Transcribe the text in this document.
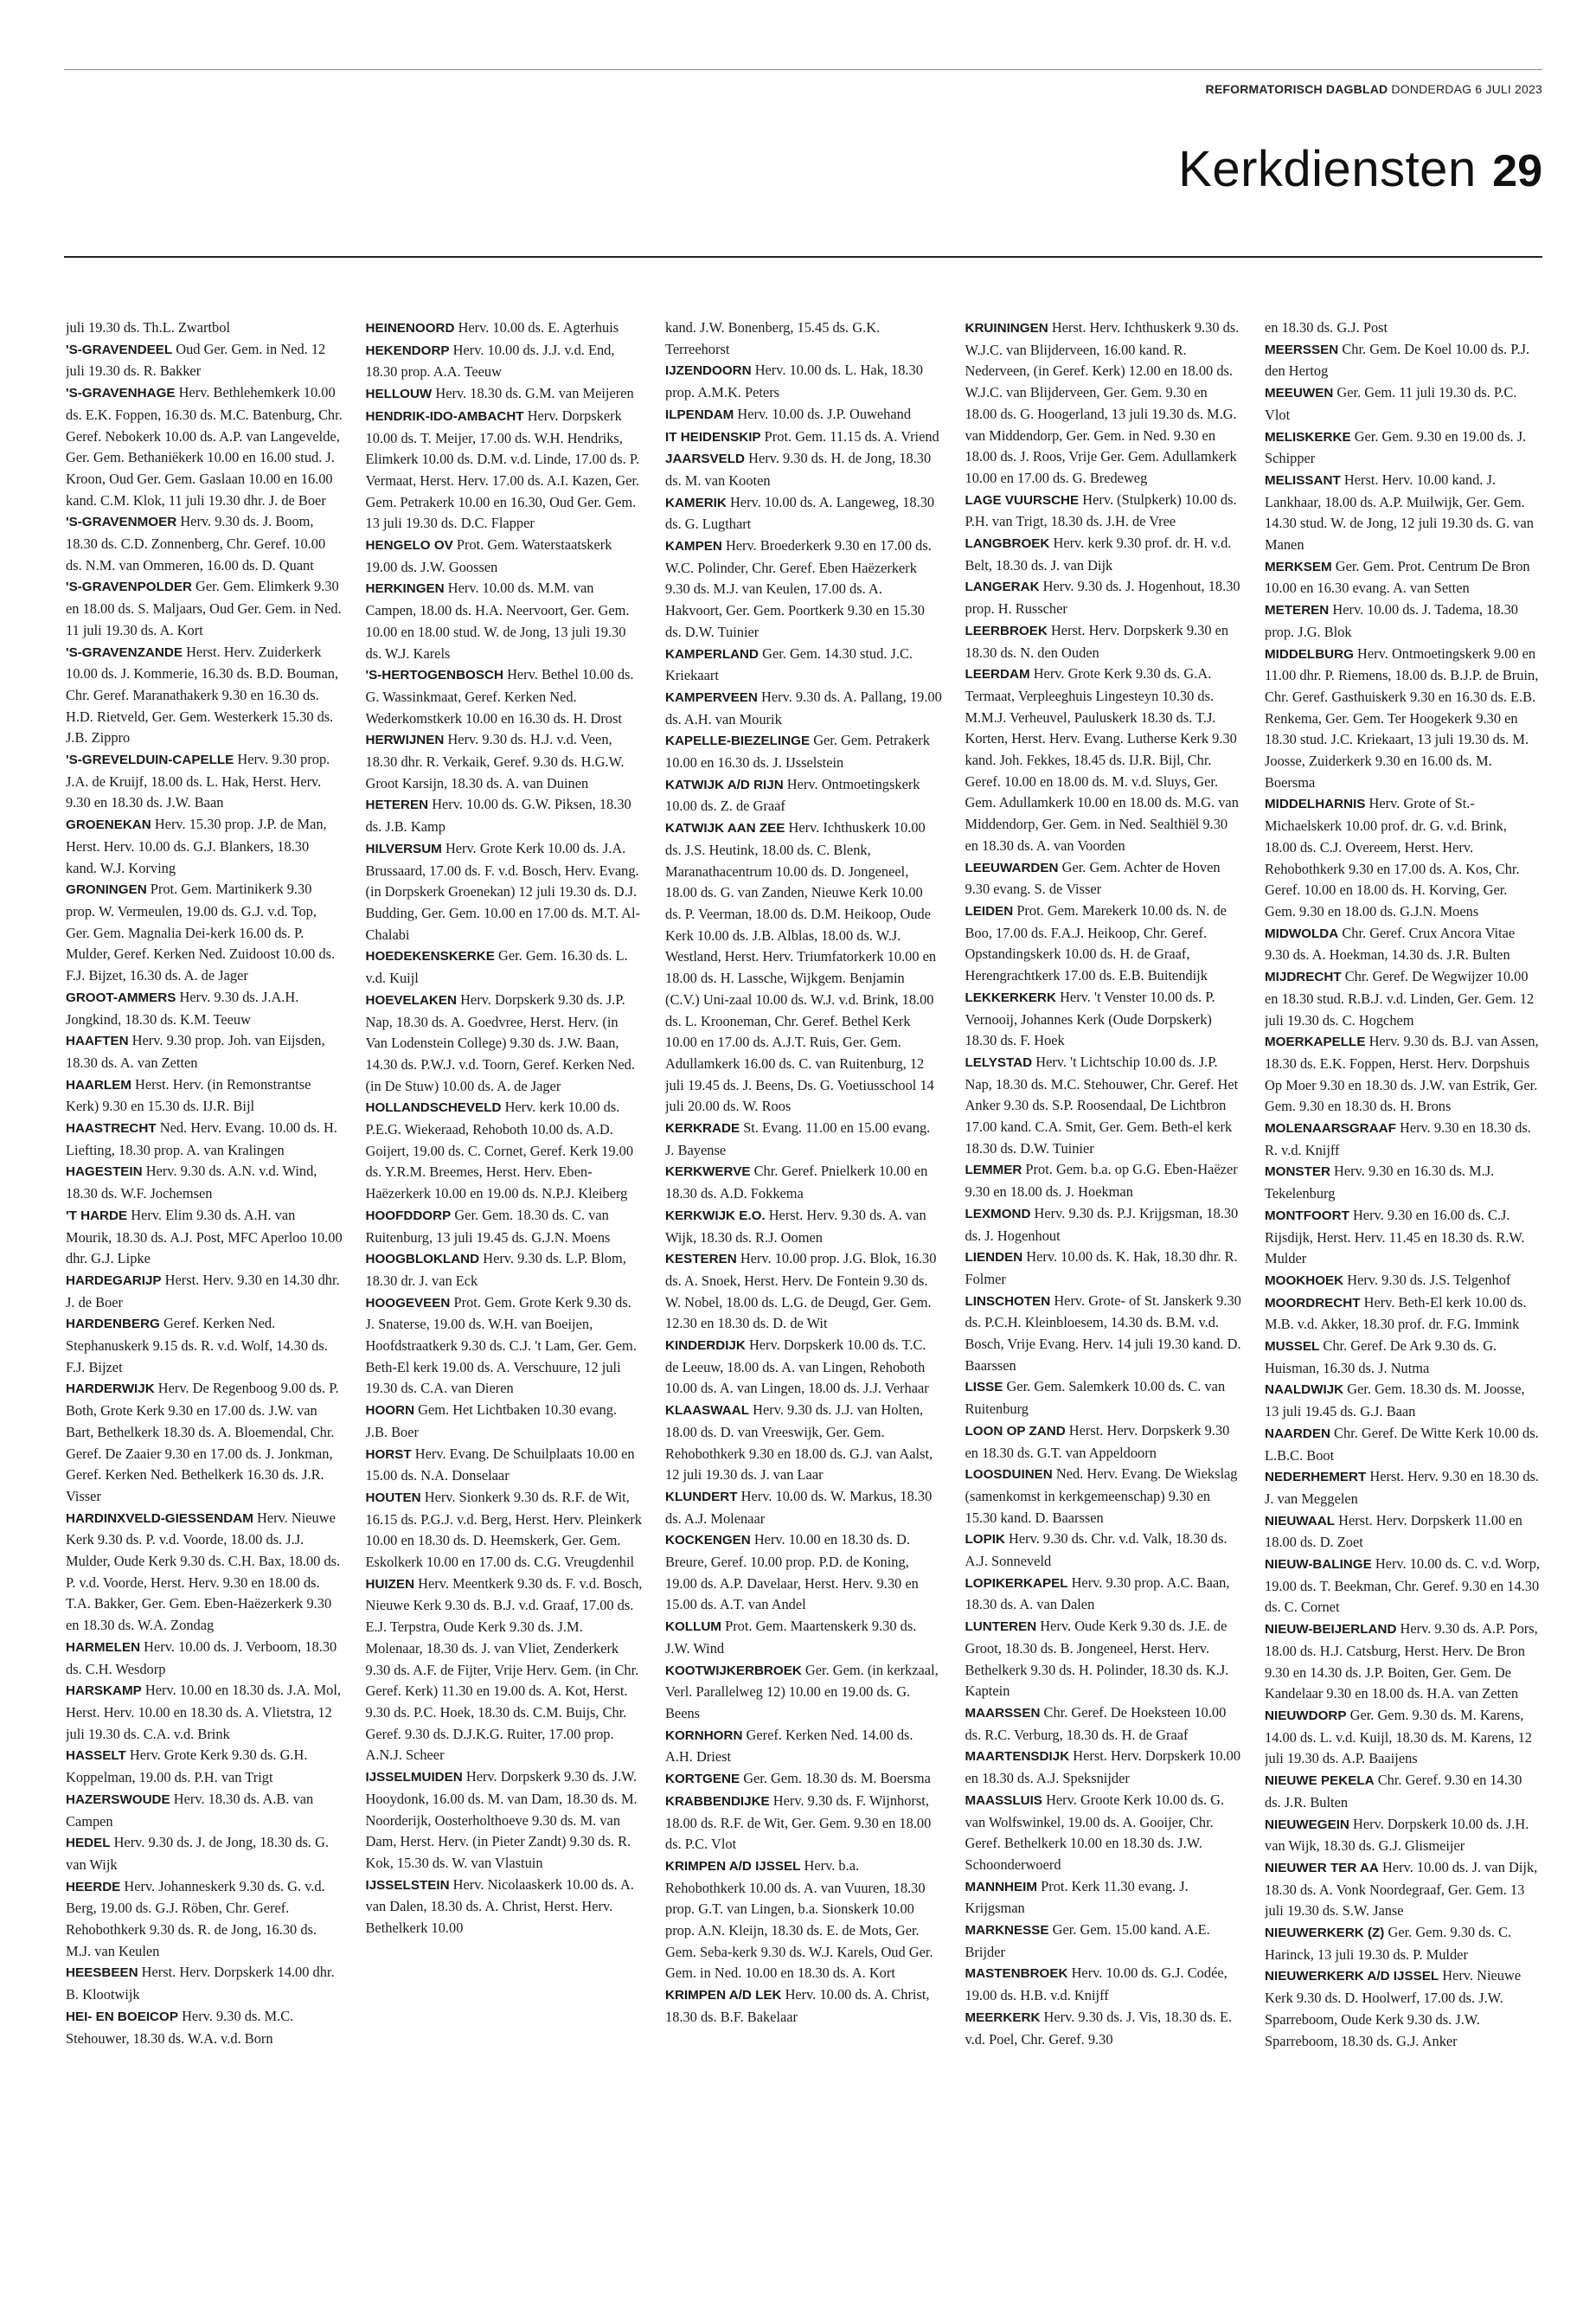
REFORMATORISCH DAGBLAD DONDERDAG 6 JULI 2023
Kerkdiensten 29

juli 19.30 ds. Th.L. Zwartbol

'S-GRAVENDEEL Oud Ger. Gem. in Ned. 12 juli 19.30 ds. R. Bakker

'S-GRAVENHAGE Herv. Bethlehemkerk 10.00 ds. E.K. Foppen, 16.30 ds. M.C. Batenburg, Chr. Geref. Nebokerk 10.00 ds. A.P. van Langevelde, Ger. Gem. Bethaniëkerk 10.00 en 16.00 stud. J. Kroon, Oud Ger. Gem. Gaslaan 10.00 en 16.00 kand. C.M. Klok, 11 juli 19.30 dhr. J. de Boer

'S-GRAVENMOER Herv. 9.30 ds. J. Boom, 18.30 ds. C.D. Zonnenberg, Chr. Geref. 10.00 ds. N.M. van Ommeren, 16.00 ds. D. Quant

'S-GRAVENPOLDER Ger. Gem. Elimkerk 9.30 en 18.00 ds. S. Maljaars, Oud Ger. Gem. in Ned. 11 juli 19.30 ds. A. Kort

'S-GRAVENZANDE Herst. Herv. Zuiderkerk 10.00 ds. J. Kommerie, 16.30 ds. B.D. Bouman, Chr. Geref. Maranathakerk 9.30 en 16.30 ds. H.D. Rietveld, Ger. Gem. Westerkerk 15.30 ds. J.B. Zippro

'S-GREVELDUIN-CAPELLE Herv. 9.30 prop. J.A. de Kruijf, 18.00 ds. L. Hak, Herst. Herv. 9.30 en 18.30 ds. J.W. Baan

GROENEKAN Herv. 15.30 prop. J.P. de Man, Herst. Herv. 10.00 ds. G.J. Blankers, 18.30 kand. W.J. Korving

GRONINGEN Prot. Gem. Martinikerk 9.30 prop. W. Vermeulen, 19.00 ds. G.J. v.d. Top, Ger. Gem. Magnalia Dei-kerk 16.00 ds. P. Mulder, Geref. Kerken Ned. Zuidoost 10.00 ds. F.J. Bijzet, 16.30 ds. A. de Jager

GROOT-AMMERS Herv. 9.30 ds. J.A.H. Jongkind, 18.30 ds. K.M. Teeuw

HAAFTEN Herv. 9.30 prop. Joh. van Eijsden, 18.30 ds. A. van Zetten

HAARLEM Herst. Herv. (in Remonstrantse Kerk) 9.30 en 15.30 ds. IJ.R. Bijl

HAASTRECHT Ned. Herv. Evang. 10.00 ds. H. Liefting, 18.30 prop. A. van Kralingen

HAGESTEIN Herv. 9.30 ds. A.N. v.d. Wind, 18.30 ds. W.F. Jochemsen

'T HARDE Herv. Elim 9.30 ds. A.H. van Mourik, 18.30 ds. A.J. Post, MFC Aperloo 10.00 dhr. G.J. Lipke

HARDEGARIJP Herst. Herv. 9.30 en 14.30 dhr. J. de Boer

HARDENBERG Geref. Kerken Ned. Stephanuskerk 9.15 ds. R. v.d. Wolf, 14.30 ds. F.J. Bijzet

HARDERWIJK Herv. De Regenboog 9.00 ds. P. Both, Grote Kerk 9.30 en 17.00 ds. J.W. van Bart, Bethelkerk 18.30 ds. A. Bloemendal, Chr. Geref. De Zaaier 9.30 en 17.00 ds. J. Jonkman, Geref. Kerken Ned. Bethelkerk 16.30 ds. J.R. Visser

HARDINXVELD-GIESSENDAM Herv. Nieuwe Kerk 9.30 ds. P. v.d. Voorde, 18.00 ds. J.J. Mulder, Oude Kerk 9.30 ds. C.H. Bax, 18.00 ds. P. v.d. Voorde, Herst. Herv. 9.30 en 18.00 ds. T.A. Bakker, Ger. Gem. Eben-Haëzerkerk 9.30 en 18.30 ds. W.A. Zondag

HARMELEN Herv. 10.00 ds. J. Verboom, 18.30 ds. C.H. Wesdorp

HARSKAMP Herv. 10.00 en 18.30 ds. J.A. Mol, Herst. Herv. 10.00 en 18.30 ds. A. Vlietstra, 12 juli 19.30 ds. C.A. v.d. Brink

HASSELT Herv. Grote Kerk 9.30 ds. G.H. Koppelman, 19.00 ds. P.H. van Trigt

HAZERSWOUDE Herv. 18.30 ds. A.B. van Campen

HEDEL Herv. 9.30 ds. J. de Jong, 18.30 ds. G. van Wijk

HEERDE Herv. Johanneskerk 9.30 ds. G. v.d. Berg, 19.00 ds. G.J. Röben, Chr. Geref. Rehobothkerk 9.30 ds. R. de Jong, 16.30 ds. M.J. van Keulen

HEESBEEN Herst. Herv. Dorpskerk 14.00 dhr. B. Klootwijk

HEI- EN BOEICOP Herv. 9.30 ds. M.C. Stehouwer, 18.30 ds. W.A. v.d. Born

HEINENOORD Herv. 10.00 ds. E. Agterhuis

HEKENDORP Herv. 10.00 ds. J.J. v.d. End, 18.30 prop. A.A. Teeuw

HELLOUW Herv. 18.30 ds. G.M. van Meijeren

HENDRIK-IDO-AMBACHT Herv. Dorpskerk 10.00 ds. T. Meijer, 17.00 ds. W.H. Hendriks, Elimkerk 10.00 ds. D.M. v.d. Linde, 17.00 ds. P. Vermaat, Herst. Herv. 17.00 ds. A.I. Kazen, Ger. Gem. Petrakerk 10.00 en 16.30, Oud Ger. Gem. 13 juli 19.30 ds. D.C. Flapper

HENGELO OV Prot. Gem. Waterstaatskerk 19.00 ds. J.W. Goossen

HERKINGEN Herv. 10.00 ds. M.M. van Campen, 18.00 ds. H.A. Neervoort, Ger. Gem. 10.00 en 18.00 stud. W. de Jong, 13 juli 19.30 ds. W.J. Karels

'S-HERTOGENBOSCH Herv. Bethel 10.00 ds. G. Wassinkmaat, Geref. Kerken Ned. Wederkomstkerk 10.00 en 16.30 ds. H. Drost

HERWIJNEN Herv. 9.30 ds. H.J. v.d. Veen, 18.30 dhr. R. Verkaik, Geref. 9.30 ds. H.G.W. Groot Karsijn, 18.30 ds. A. van Duinen

HETEREN Herv. 10.00 ds. G.W. Piksen, 18.30 ds. J.B. Kamp

HILVERSUM Herv. Grote Kerk 10.00 ds. J.A. Brussaard, 17.00 ds. F. v.d. Bosch, Herv. Evang. (in Dorpskerk Groenekan) 12 juli 19.30 ds. D.J. Budding, Ger. Gem. 10.00 en 17.00 ds. M.T. Al-Chalabi

HOEDEKENSKERKE Ger. Gem. 16.30 ds. L. v.d. Kuijl

HOEVELAKEN Herv. Dorpskerk 9.30 ds. J.P. Nap, 18.30 ds. A. Goedvree, Herst. Herv. (in Van Lodenstein College) 9.30 ds. J.W. Baan, 14.30 ds. P.W.J. v.d. Toorn, Geref. Kerken Ned. (in De Stuw) 10.00 ds. A. de Jager

HOLLANDSCHEVELD Herv. kerk 10.00 ds. P.E.G. Wiekeraad, Rehoboth 10.00 ds. A.D. Goijert, 19.00 ds. C. Cornet, Geref. Kerk 19.00 ds. Y.R.M. Breemes, Herst. Herv. Eben-Haëzerkerk 10.00 en 19.00 ds. N.P.J. Kleiberg

HOOFDDORP Ger. Gem. 18.30 ds. C. van Ruitenburg, 13 juli 19.45 ds. G.J.N. Moens

HOOGBLOKLAND Herv. 9.30 ds. L.P. Blom, 18.30 dr. J. van Eck

HOOGEVEEN Prot. Gem. Grote Kerk 9.30 ds. J. Snaterse, 19.00 ds. W.H. van Boeijen, Hoofdstraatkerk 9.30 ds. C.J. 't Lam, Ger. Gem. Beth-El kerk 19.00 ds. A. Verschuure, 12 juli 19.30 ds. C.A. van Dieren

HOORN Gem. Het Lichtbaken 10.30 evang. J.B. Boer

HORST Herv. Evang. De Schuilplaats 10.00 en 15.00 ds. N.A. Donselaar

HOUTEN Herv. Sionkerk 9.30 ds. R.F. de Wit, 16.15 ds. P.G.J. v.d. Berg, Herst. Herv. Pleinkerk 10.00 en 18.30 ds. D. Heemskerk, Ger. Gem. Eskolkerk 10.00 en 17.00 ds. C.G. Vreugdenhil

HUIZEN Herv. Meentkerk 9.30 ds. F. v.d. Bosch, Nieuwe Kerk 9.30 ds. B.J. v.d. Graaf, 17.00 ds. E.J. Terpstra, Oude Kerk 9.30 ds. J.M. Molenaar, 18.30 ds. J. van Vliet, Zenderkerk 9.30 ds. A.F. de Fijter, Vrije Herv. Gem. (in Chr. Geref. Kerk) 11.30 en 19.00 ds. A. Kot, Herst. 9.30 ds. P.C. Hoek, 18.30 ds. C.M. Buijs, Chr. Geref. 9.30 ds. D.J.K.G. Ruiter, 17.00 prop. A.N.J. Scheer

IJSSELMUIDEN Herv. Dorpskerk 9.30 ds. J.W. Hooydonk, 16.00 ds. M. van Dam, 18.30 ds. M. Noorderijk, Oosterholthoeve 9.30 ds. M. van Dam, Herst. Herv. (in Pieter Zandt) 9.30 ds. R. Kok, 15.30 ds. W. van Vlastuin

IJSSELSTEIN Herv. Nicolaaskerk 10.00 ds. A. van Dalen, 18.30 ds. A. Christ, Herst. Herv. Bethelkerk 10.00

kand. J.W. Bonenberg, 15.45 ds. G.K. Terreehorst

IJZENDOORN Herv. 10.00 ds. L. Hak, 18.30 prop. A.M.K. Peters

ILPENDAM Herv. 10.00 ds. J.P. Ouwehand

IT HEIDENSKIP Prot. Gem. 11.15 ds. A. Vriend

JAARSVELD Herv. 9.30 ds. H. de Jong, 18.30 ds. M. van Kooten

KAMERIK Herv. 10.00 ds. A. Langeweg, 18.30 ds. G. Lugthart

KAMPEN Herv. Broederkerk 9.30 en 17.00 ds. W.C. Polinder, Chr. Geref. Eben Haëzerkerk 9.30 ds. M.J. van Keulen, 17.00 ds. A. Hakvoort, Ger. Gem. Poortkerk 9.30 en 15.30 ds. D.W. Tuinier

KAMPERLAND Ger. Gem. 14.30 stud. J.C. Kriekaart

KAMPERVEEN Herv. 9.30 ds. A. Pallang, 19.00 ds. A.H. van Mourik

KAPELLE-BIEZELINGE Ger. Gem. Petrakerk 10.00 en 16.30 ds. J. IJsselstein

KATWIJK A/D RIJN Herv. Ontmoetingskerk 10.00 ds. Z. de Graaf

KATWIJK AAN ZEE Herv. Ichthuskerk 10.00 ds. J.S. Heutink, 18.00 ds. C. Blenk, Maranathacentrum 10.00 ds. D. Jongeneel, 18.00 ds. G. van Zanden, Nieuwe Kerk 10.00 ds. P. Veerman, 18.00 ds. D.M. Heikoop, Oude Kerk 10.00 ds. J.B. Alblas, 18.00 ds. W.J. Westland, Herst. Herv. Triumfatorkerk 10.00 en 18.00 ds. H. Lassche, Wijkgem. Benjamin (C.V.) Uni-zaal 10.00 ds. W.J. v.d. Brink, 18.00 ds. L. Krooneman, Chr. Geref. Bethel Kerk 10.00 en 17.00 ds. A.J.T. Ruis, Ger. Gem. Adullamkerk 16.00 ds. C. van Ruitenburg, 12 juli 19.45 ds. J. Beens, Ds. G. Voetiusschool 14 juli 20.00 ds. W. Roos

KERKRADE St. Evang. 11.00 en 15.00 evang. J. Bayense

KERKWERVE Chr. Geref. Pnielkerk 10.00 en 18.30 ds. A.D. Fokkema

KERKWIJK E.O. Herst. Herv. 9.30 ds. A. van Wijk, 18.30 ds. R.J. Oomen

KESTEREN Herv. 10.00 prop. J.G. Blok, 16.30 ds. A. Snoek, Herst. Herv. De Fontein 9.30 ds. W. Nobel, 18.00 ds. L.G. de Deugd, Ger. Gem. 12.30 en 18.30 ds. D. de Wit

KINDERDIJK Herv. Dorpskerk 10.00 ds. T.C. de Leeuw, 18.00 ds. A. van Lingen, Rehoboth 10.00 ds. A. van Lingen, 18.00 ds. J.J. Verhaar

KLAASWAAL Herv. 9.30 ds. J.J. van Holten, 18.00 ds. D. van Vreeswijk, Ger. Gem. Rehobothkerk 9.30 en 18.00 ds. G.J. van Aalst, 12 juli 19.30 ds. J. van Laar

KLUNDERT Herv. 10.00 ds. W. Markus, 18.30 ds. A.J. Molenaar

KOCKENGEN Herv. 10.00 en 18.30 ds. D. Breure, Geref. 10.00 prop. P.D. de Koning, 19.00 ds. A.P. Davelaar, Herst. Herv. 9.30 en 15.00 ds. A.T. van Andel

KOLLUM Prot. Gem. Maartenskerk 9.30 ds. J.W. Wind

KOOTWIJKERBROEK Ger. Gem. (in kerkzaal, Verl. Parallelweg 12) 10.00 en 19.00 ds. G. Beens

KORNHORN Geref. Kerken Ned. 14.00 ds. A.H. Driest

KORTGENE Ger. Gem. 18.30 ds. M. Boersma

KRABBENDIJKE Herv. 9.30 ds. F. Wijnhorst, 18.00 ds. R.F. de Wit, Ger. Gem. 9.30 en 18.00 ds. P.C. Vlot

KRIMPEN A/D IJSSEL Herv. b.a. Rehobothkerk 10.00 ds. A. van Vuuren, 18.30 prop. G.T. van Lingen, b.a. Sionskerk 10.00 prop. A.N. Kleijn, 18.30 ds. E. de Mots, Ger. Gem. Seba-kerk 9.30 ds. W.J. Karels, Oud Ger. Gem. in Ned. 10.00 en 18.30 ds. A. Kort

KRIMPEN A/D LEK Herv. 10.00 ds. A. Christ, 18.30 ds. B.F. Bakelaar

KRUININGEN Herst. Herv. Ichthuskerk 9.30 ds. W.J.C. van Blijderveen, 16.00 kand. R. Nederveen, (in Geref. Kerk) 12.00 en 18.00 ds. W.J.C. van Blijderveen, Ger. Gem. 9.30 en 18.00 ds. G. Hoogerland, 13 juli 19.30 ds. M.G. van Middendorp, Ger. Gem. in Ned. 9.30 en 18.00 ds. J. Roos, Vrije Ger. Gem. Adullamkerk 10.00 en 17.00 ds. G. Bredeweg

LAGE VUURSCHE Herv. (Stulpkerk) 10.00 ds. P.H. van Trigt, 18.30 ds. J.H. de Vree

LANGBROEK Herv. kerk 9.30 prof. dr. H. v.d. Belt, 18.30 ds. J. van Dijk

LANGERAK Herv. 9.30 ds. J. Hogenhout, 18.30 prop. H. Russcher

LEERBROEK Herst. Herv. Dorpskerk 9.30 en 18.30 ds. N. den Ouden

LEERDAM Herv. Grote Kerk 9.30 ds. G.A. Termaat, Verpleeghuis Lingesteyn 10.30 ds. M.M.J. Verheuvel, Pauluskerk 18.30 ds. T.J. Korten, Herst. Herv. Evang. Lutherse Kerk 9.30 kand. Joh. Fekkes, 18.45 ds. IJ.R. Bijl, Chr. Geref. 10.00 en 18.00 ds. M. v.d. Sluys, Ger. Gem. Adullamkerk 10.00 en 18.00 ds. M.G. van Middendorp, Ger. Gem. in Ned. Sealthiël 9.30 en 18.30 ds. A. van Voorden

LEEUWARDEN Ger. Gem. Achter de Hoven 9.30 evang. S. de Visser

LEIDEN Prot. Gem. Marekerk 10.00 ds. N. de Boo, 17.00 ds. F.A.J. Heikoop, Chr. Geref. Opstandingskerk 10.00 ds. H. de Graaf, Herengrachtkerk 17.00 ds. E.B. Buitendijk

LEKKERKERK Herv. 't Venster 10.00 ds. P. Vernooij, Johannes Kerk (Oude Dorpskerk) 18.30 ds. F. Hoek

LELYSTAD Herv. 't Lichtschip 10.00 ds. J.P. Nap, 18.30 ds. M.C. Stehouwer, Chr. Geref. Het Anker 9.30 ds. S.P. Roosendaal, De Lichtbron 17.00 kand. C.A. Smit, Ger. Gem. Beth-el kerk 18.30 ds. D.W. Tuinier

LEMMER Prot. Gem. b.a. op G.G. Eben-Haëzer 9.30 en 18.00 ds. J. Hoekman

LEXMOND Herv. 9.30 ds. P.J. Krijgsman, 18.30 ds. J. Hogenhout

LIENDEN Herv. 10.00 ds. K. Hak, 18.30 dhr. R. Folmer

LINSCHOTEN Herv. Grote- of St. Janskerk 9.30 ds. P.C.H. Kleinbloesem, 14.30 ds. B.M. v.d. Bosch, Vrije Evang. Herv. 14 juli 19.30 kand. D. Baarssen

LISSE Ger. Gem. Salemkerk 10.00 ds. C. van Ruitenburg

LOON OP ZAND Herst. Herv. Dorpskerk 9.30 en 18.30 ds. G.T. van Appeldoorn

LOOSDUINEN Ned. Herv. Evang. De Wiekslag (samenkomst in kerkgemeenschap) 9.30 en 15.30 kand. D. Baarssen

LOPIK Herv. 9.30 ds. Chr. v.d. Valk, 18.30 ds. A.J. Sonneveld

LOPIKERKAPEL Herv. 9.30 prop. A.C. Baan, 18.30 ds. A. van Dalen

LUNTEREN Herv. Oude Kerk 9.30 ds. J.E. de Groot, 18.30 ds. B. Jongeneel, Herst. Herv. Bethelkerk 9.30 ds. H. Polinder, 18.30 ds. K.J. Kaptein

MAARSSEN Chr. Geref. De Hoeksteen 10.00 ds. R.C. Verburg, 18.30 ds. H. de Graaf

MAARTENSDIJK Herst. Herv. Dorpskerk 10.00 en 18.30 ds. A.J. Speksnijder

MAASSLUIS Herv. Groote Kerk 10.00 ds. G. van Wolfswinkel, 19.00 ds. A. Gooijer, Chr. Geref. Bethelkerk 10.00 en 18.30 ds. J.W. Schoonderwoerd

MANNHEIM Prot. Kerk 11.30 evang. J. Krijgsman

MARKNESSE Ger. Gem. 15.00 kand. A.E. Brijder

MASTENBROEK Herv. 10.00 ds. G.J. Codée, 19.00 ds. H.B. v.d. Knijff

MEERKERK Herv. 9.30 ds. J. Vis, 18.30 ds. E. v.d. Poel, Chr. Geref. 9.30

en 18.30 ds. G.J. Post

MEERSSEN Chr. Gem. De Koel 10.00 ds. P.J. den Hertog

MEEUWEN Ger. Gem. 11 juli 19.30 ds. P.C. Vlot

MELISKERKE Ger. Gem. 9.30 en 19.00 ds. J. Schipper

MELISSANT Herst. Herv. 10.00 kand. J. Lankhaar, 18.00 ds. A.P. Muilwijk, Ger. Gem. 14.30 stud. W. de Jong, 12 juli 19.30 ds. G. van Manen

MERKSEM Ger. Gem. Prot. Centrum De Bron 10.00 en 16.30 evang. A. van Setten

METEREN Herv. 10.00 ds. J. Tadema, 18.30 prop. J.G. Blok

MIDDELBURG Herv. Ontmoetingskerk 9.00 en 11.00 dhr. P. Riemens, 18.00 ds. B.J.P. de Bruin, Chr. Geref. Gasthuiskerk 9.30 en 16.30 ds. E.B. Renkema, Ger. Gem. Ter Hoogekerk 9.30 en 18.30 stud. J.C. Kriekaart, 13 juli 19.30 ds. M. Joosse, Zuiderkerk 9.30 en 16.00 ds. M. Boersma

MIDDELHARNIS Herv. Grote of St.-Michaelskerk 10.00 prof. dr. G. v.d. Brink, 18.00 ds. C.J. Overeem, Herst. Herv. Rehobothkerk 9.30 en 17.00 ds. A. Kos, Chr. Geref. 10.00 en 18.00 ds. H. Korving, Ger. Gem. 9.30 en 18.00 ds. G.J.N. Moens

MIDWOLDA Chr. Geref. Crux Ancora Vitae 9.30 ds. A. Hoekman, 14.30 ds. J.R. Bulten

MIJDRECHT Chr. Geref. De Wegwijzer 10.00 en 18.30 stud. R.B.J. v.d. Linden, Ger. Gem. 12 juli 19.30 ds. C. Hogchem

MOERKAPELLE Herv. 9.30 ds. B.J. van Assen, 18.30 ds. E.K. Foppen, Herst. Herv. Dorpshuis Op Moer 9.30 en 18.30 ds. J.W. van Estrik, Ger. Gem. 9.30 en 18.30 ds. H. Brons

MOLENAARSGRAAF Herv. 9.30 en 18.30 ds. R. v.d. Knijff

MONSTER Herv. 9.30 en 16.30 ds. M.J. Tekelenburg

MONTFOORT Herv. 9.30 en 16.00 ds. C.J. Rijsdijk, Herst. Herv. 11.45 en 18.30 ds. R.W. Mulder

MOOKHOEK Herv. 9.30 ds. J.S. Telgenhof

MOORDRECHT Herv. Beth-El kerk 10.00 ds. M.B. v.d. Akker, 18.30 prof. dr. F.G. Immink

MUSSEL Chr. Geref. De Ark 9.30 ds. G. Huisman, 16.30 ds. J. Nutma

NAALDWIJK Ger. Gem. 18.30 ds. M. Joosse, 13 juli 19.45 ds. G.J. Baan

NAARDEN Chr. Geref. De Witte Kerk 10.00 ds. L.B.C. Boot

NEDERHEMERT Herst. Herv. 9.30 en 18.30 ds. J. van Meggelen

NIEUWAAL Herst. Herv. Dorpskerk 11.00 en 18.00 ds. D. Zoet

NIEUW-BALINGE Herv. 10.00 ds. C. v.d. Worp, 19.00 ds. T. Beekman, Chr. Geref. 9.30 en 14.30 ds. C. Cornet

NIEUW-BEIJERLAND Herv. 9.30 ds. A.P. Pors, 18.00 ds. H.J. Catsburg, Herst. Herv. De Bron 9.30 en 14.30 ds. J.P. Boiten, Ger. Gem. De Kandelaar 9.30 en 18.00 ds. H.A. van Zetten

NIEUWDORP Ger. Gem. 9.30 ds. M. Karens, 14.00 ds. L. v.d. Kuijl, 18.30 ds. M. Karens, 12 juli 19.30 ds. A.P. Baaijens

NIEUWE PEKELA Chr. Geref. 9.30 en 14.30 ds. J.R. Bulten

NIEUWEGEIN Herv. Dorpskerk 10.00 ds. J.H. van Wijk, 18.30 ds. G.J. Glismeijer

NIEUWER TER AA Herv. 10.00 ds. J. van Dijk, 18.30 ds. A. Vonk Noordegraaf, Ger. Gem. 13 juli 19.30 ds. S.W. Janse

NIEUWERKERK (Z) Ger. Gem. 9.30 ds. C. Harinck, 13 juli 19.30 ds. P. Mulder

NIEUWERKERK A/D IJSSEL Herv. Nieuwe Kerk 9.30 ds. D. Hoolwerf, 17.00 ds. J.W. Sparreboom, Oude Kerk 9.30 ds. J.W. Sparreboom, 18.30 ds. G.J. Anker
